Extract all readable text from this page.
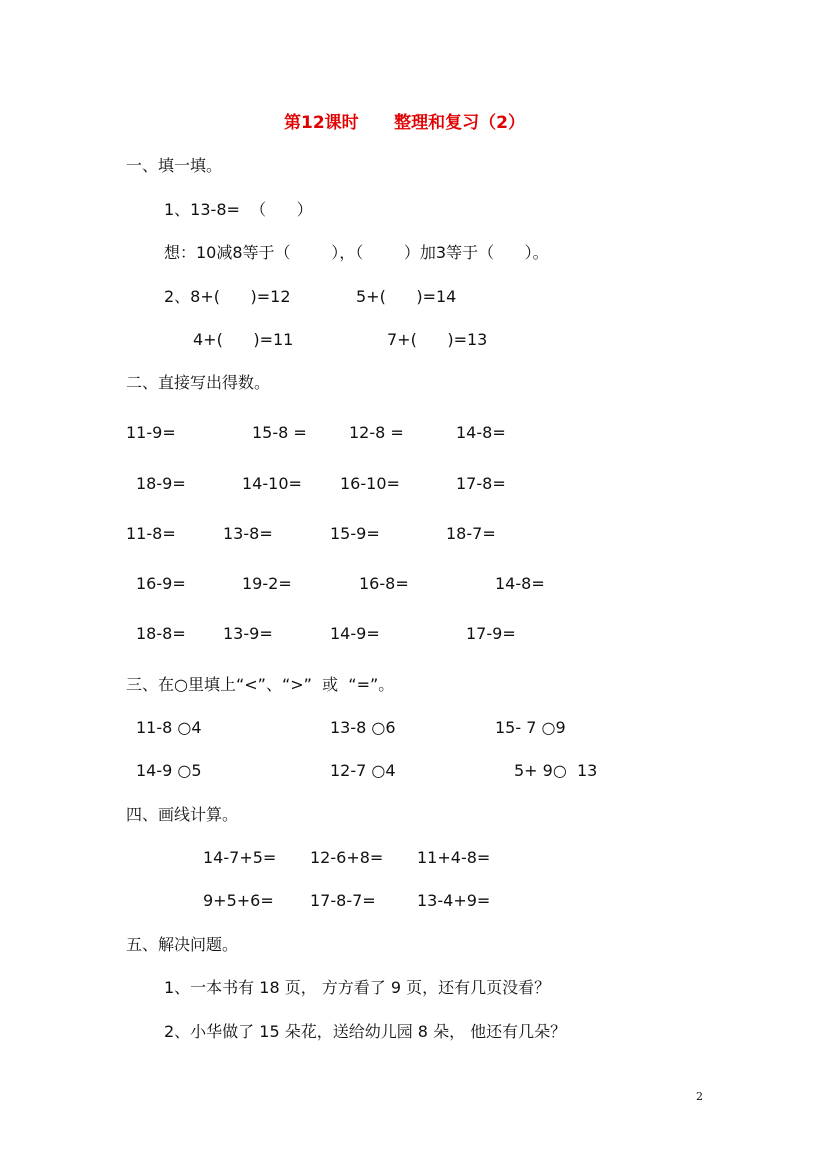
第12课时      整理和复习（2）
一、填一填。
1、13-8=  （      ）
想：10减8等于（        ），（        ）加3等于（      ）。
2、8+(      )=12	5+(      )=14
4+(      )=11	7+(      )=13
二、直接写出得数。
11-9=	15-8 =	12-8 =	14-8=
18-9=	14-10= 16-10=	17-8=
11-8=	13-8=	15-9=	18-7=
16-9=	19-2=	16-8=	14-8=
18-8= 13-9=	14-9=	17-9=
三、在○里填上“<”、“>”  或  “=”。
11-8 ○4	13-8 ○6	15- 7 ○9
14-9 ○5	12-7 ○4	5+ 9○  13
四、画线计算。
14-7+5= 12-6+8= 11+4-8=
9+5+6= 17-8-7=	13-4+9=
五、解决问题。
1、一本书有 18 页， 方方看了 9 页，还有几页没看？
2、小华做了 15 朵花，送给幼儿园 8 朵， 他还有几朵？
2
